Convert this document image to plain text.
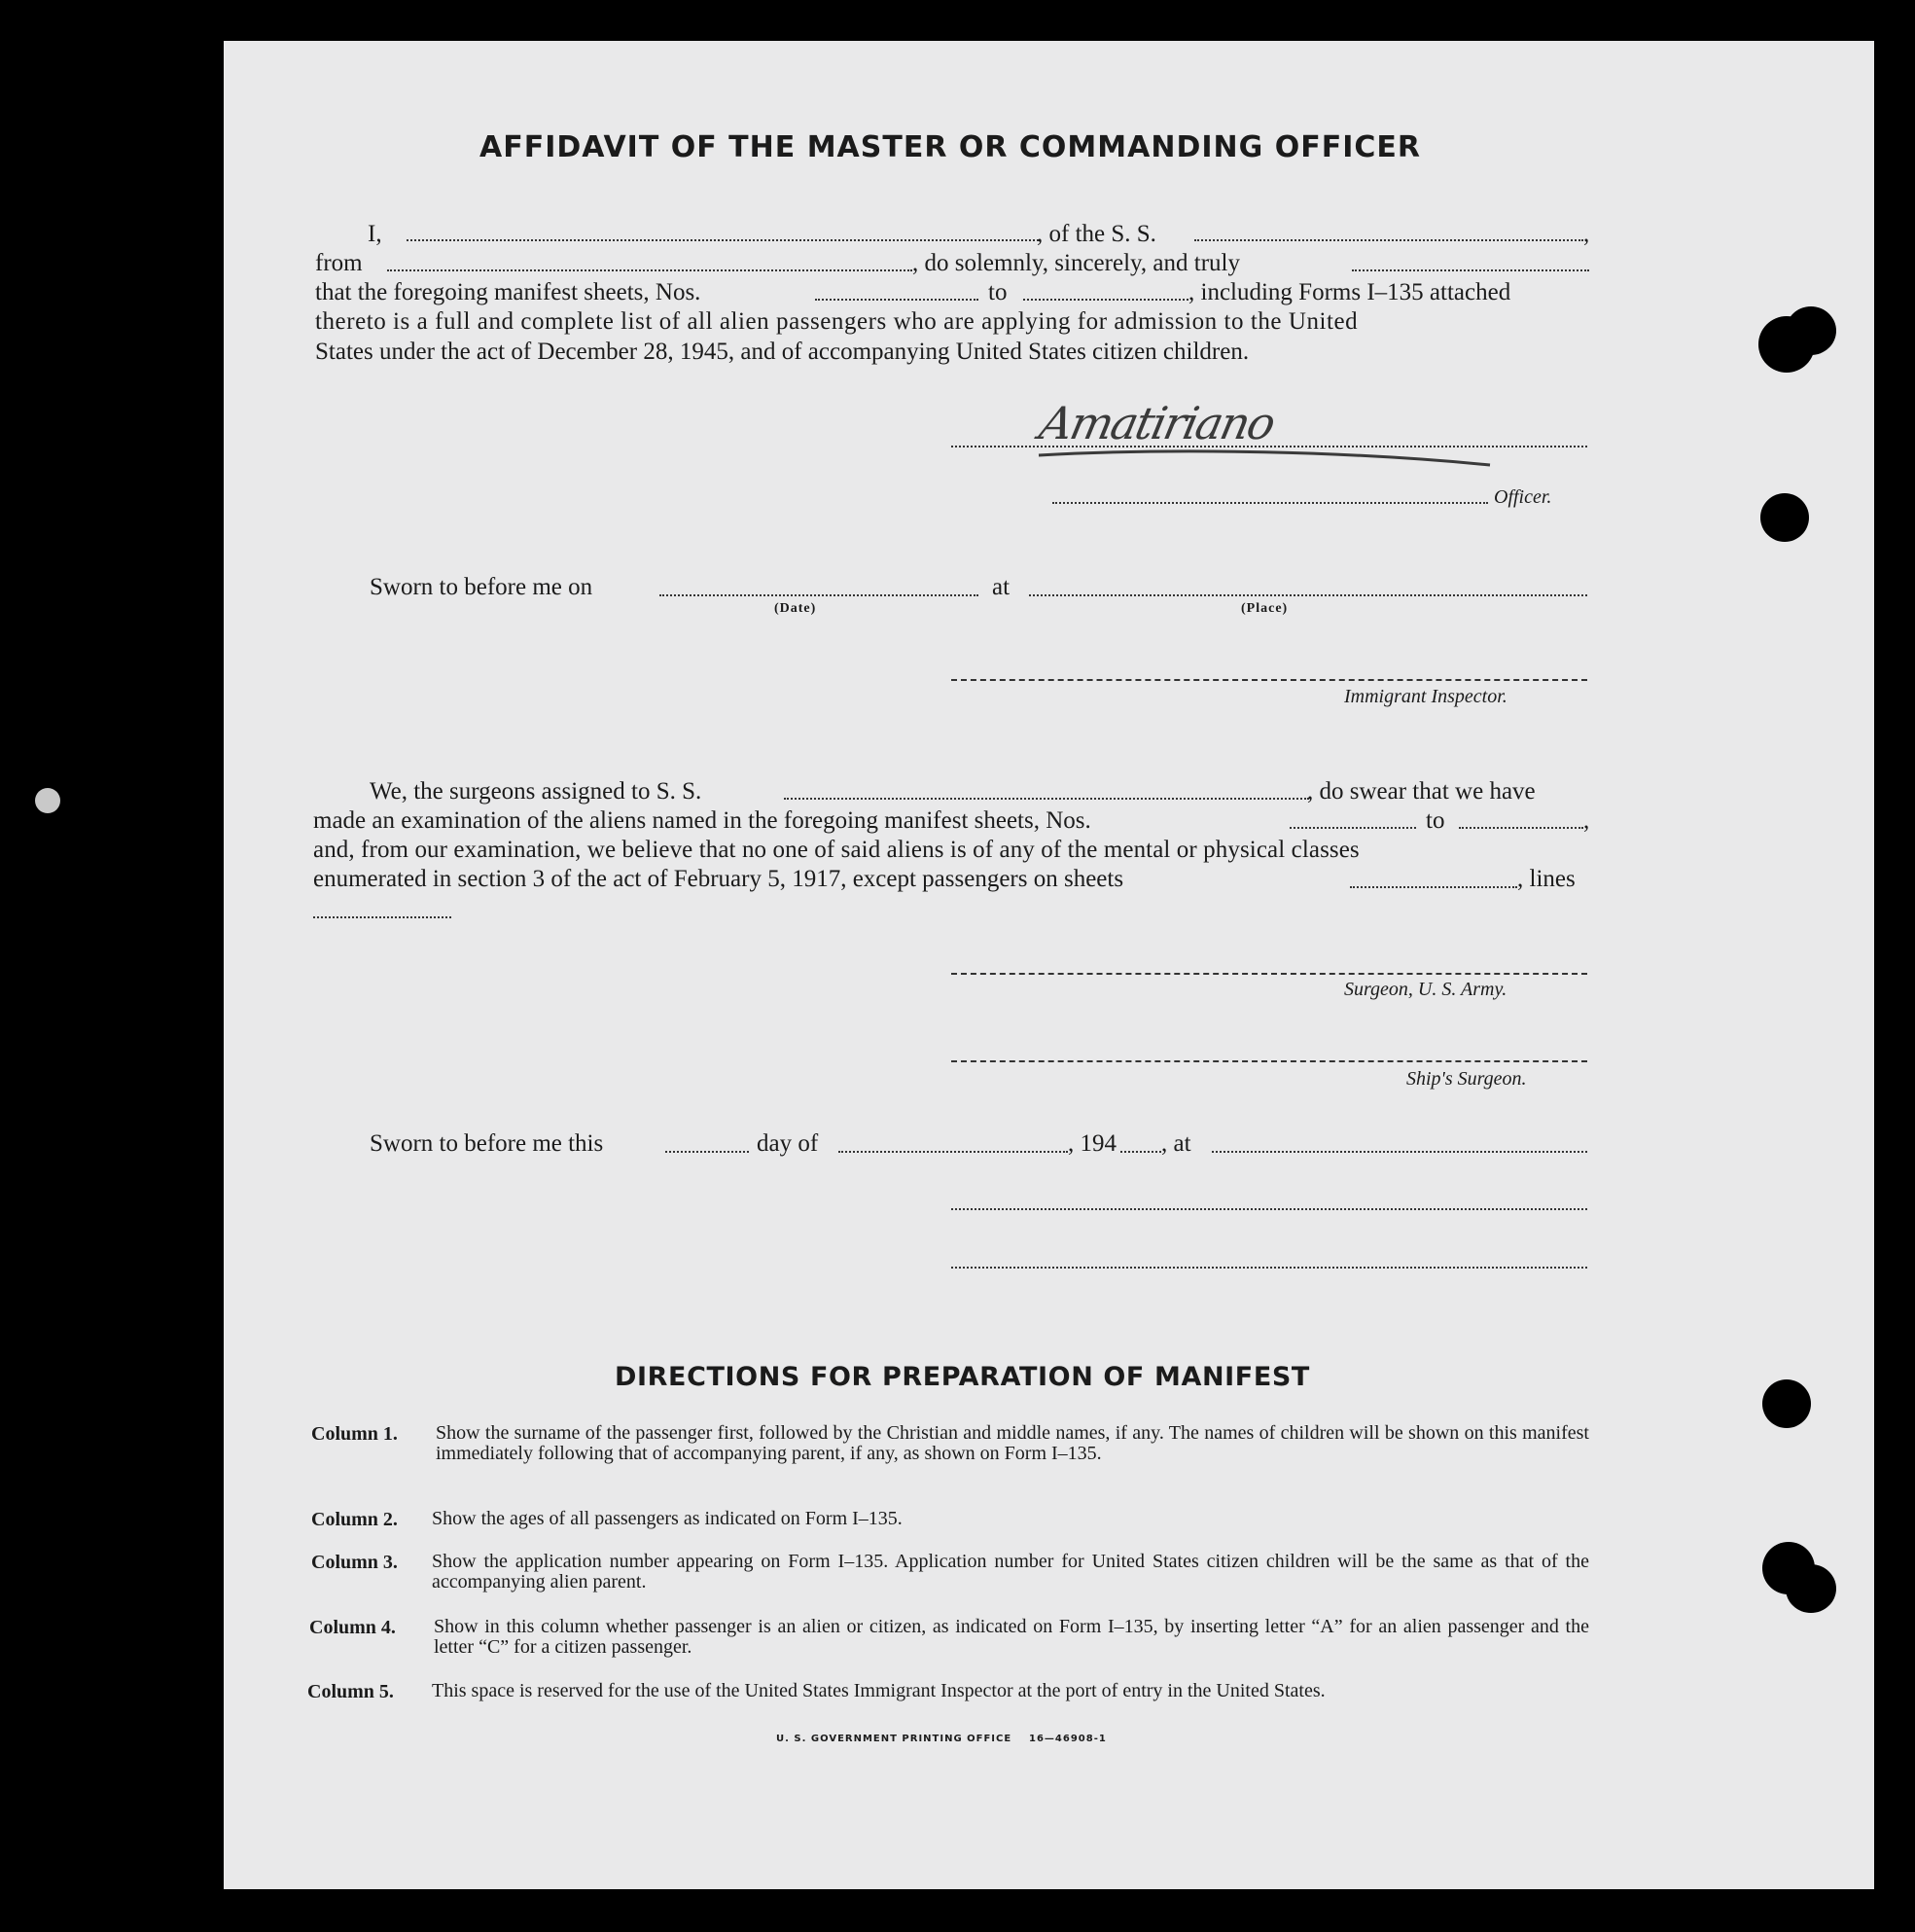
AFFIDAVIT OF THE MASTER OR COMMANDING OFFICER
I,	, of the S. S.	,
from	, do solemnly, sincerely, and truly
that the foregoing manifest sheets, Nos.	to	, including Forms I–135 attached
thereto is a full and complete list of all alien passengers who are applying for admission to the United
States under the act of December 28, 1945, and of accompanying United States citizen children.
Amatiriano
Officer.
Sworn to before me on
(Date)
at
(Place)
Immigrant Inspector.
We, the surgeons assigned to S. S.	, do swear that we have
made an examination of the aliens named in the foregoing manifest sheets, Nos.	to	,
and, from our examination, we believe that no one of said aliens is of any of the mental or physical classes
enumerated in section 3 of the act of February 5, 1917, except passengers on sheets	, lines
Surgeon, U. S. Army.
Ship's Surgeon.
Sworn to before me this	day of	, 194 , at
DIRECTIONS FOR PREPARATION OF MANIFEST
Column 1. Show the surname of the passenger first, followed by the Christian and middle names, if any. The names of children will be shown on this manifest immediately following that of accompanying parent, if any, as shown on Form I–135.
Column 2. Show the ages of all passengers as indicated on Form I–135.
Column 3. Show the application number appearing on Form I–135. Application number for United States citizen children will be the same as that of the accompanying alien parent.
Column 4. Show in this column whether passenger is an alien or citizen, as indicated on Form I–135, by inserting letter “A” for an alien passenger and the letter “C” for a citizen passenger.
Column 5. This space is reserved for the use of the United States Immigrant Inspector at the port of entry in the United States.
U. S. GOVERNMENT PRINTING OFFICE 16—46908-1
